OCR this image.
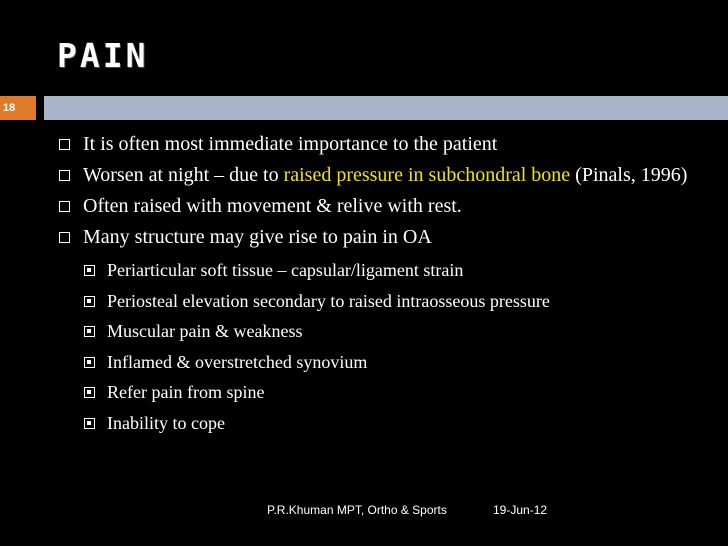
PAIN
18
It is often most immediate importance to the patient
Worsen at night – due to raised pressure in subchondral bone (Pinals, 1996)
Often raised with movement & relive with rest.
Many structure may give rise to pain in OA
Periarticular soft tissue – capsular/ligament strain
Periosteal elevation secondary to raised intraosseous pressure
Muscular pain & weakness
Inflamed & overstretched synovium
Refer pain from spine
Inability to cope
P.R.Khuman MPT, Ortho & Sports	19-Jun-12
